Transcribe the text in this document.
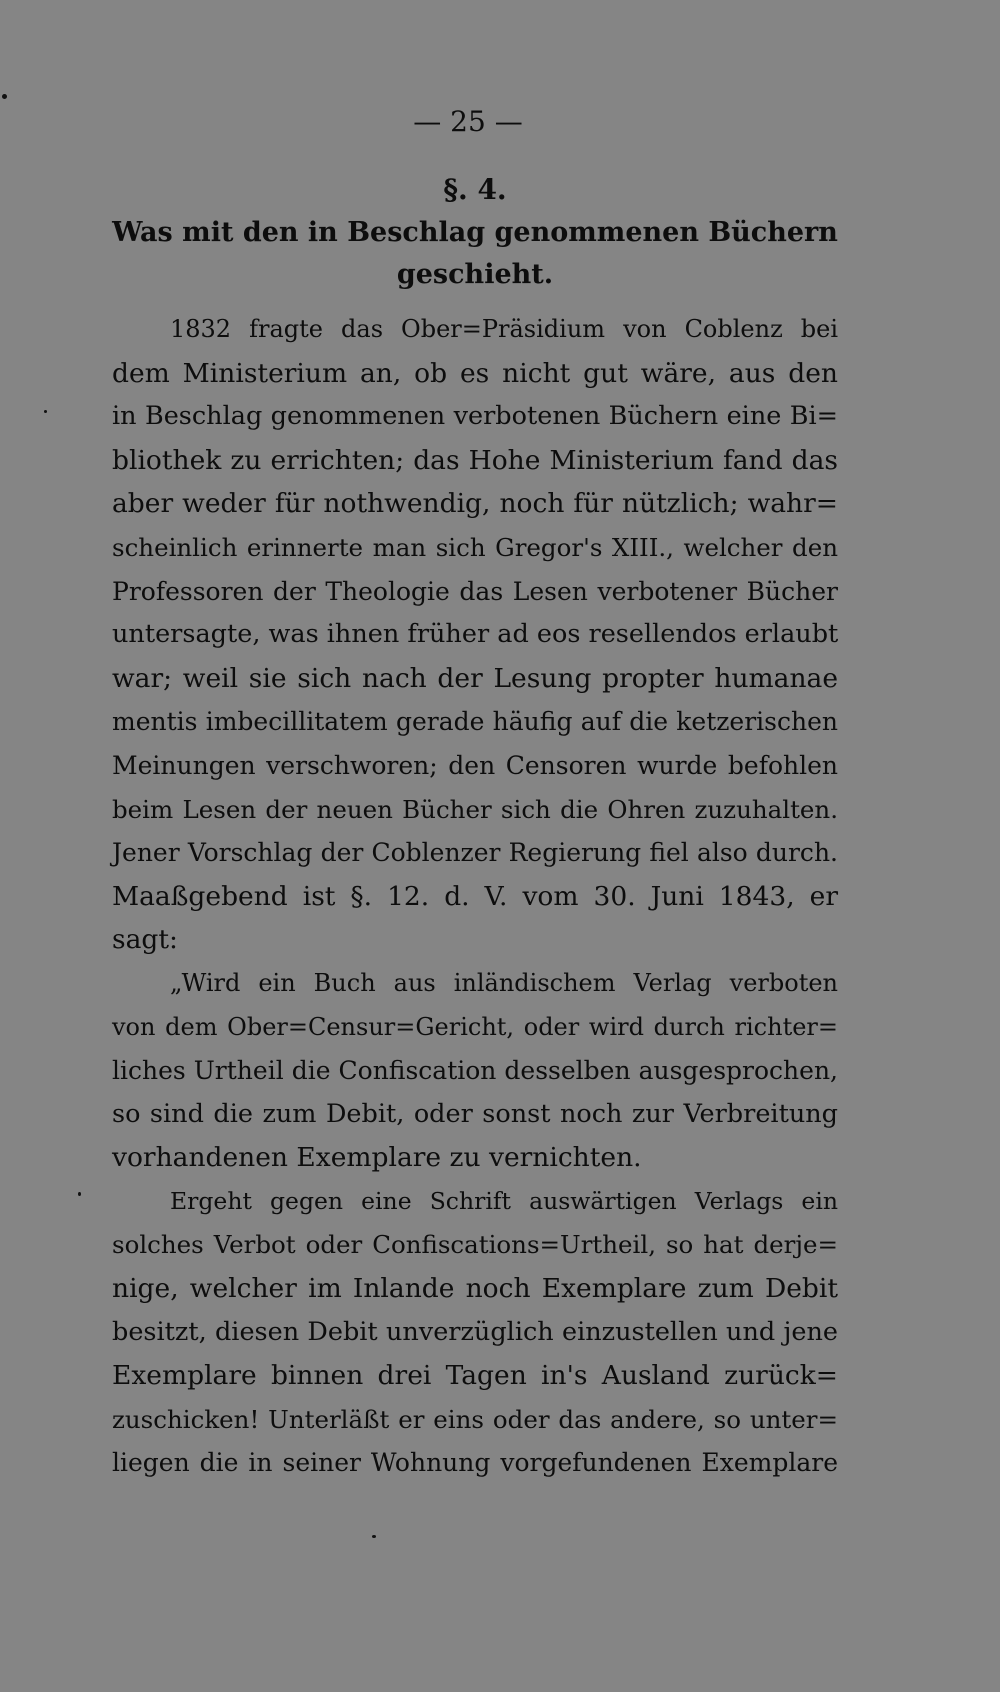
— 25 —
§. 4.
Was mit den in Beschlag genommenen Büchern
geschieht.
1832 fragte das Ober=Präsidium von Coblenz bei
dem Ministerium an, ob es nicht gut wäre, aus den
in Beschlag genommenen verbotenen Büchern eine Bi=
bliothek zu errichten; das Hohe Ministerium fand das
aber weder für nothwendig, noch für nützlich; wahr=
scheinlich erinnerte man sich Gregor's XIII., welcher den
Professoren der Theologie das Lesen verbotener Bücher
untersagte, was ihnen früher ad eos resellendos erlaubt
war; weil sie sich nach der Lesung propter humanae
mentis imbecillitatem gerade häufig auf die ketzerischen
Meinungen verschworen; den Censoren wurde befohlen
beim Lesen der neuen Bücher sich die Ohren zuzuhalten.
Jener Vorschlag der Coblenzer Regierung fiel also durch.
Maaßgebend ist §. 12. d. V. vom 30. Juni 1843, er
sagt:
„Wird ein Buch aus inländischem Verlag verboten
von dem Ober=Censur=Gericht, oder wird durch richter=
liches Urtheil die Confiscation desselben ausgesprochen,
so sind die zum Debit, oder sonst noch zur Verbreitung
vorhandenen Exemplare zu vernichten.
Ergeht gegen eine Schrift auswärtigen Verlags ein
solches Verbot oder Confiscations=Urtheil, so hat derje=
nige, welcher im Inlande noch Exemplare zum Debit
besitzt, diesen Debit unverzüglich einzustellen und jene
Exemplare binnen drei Tagen in's Ausland zurück=
zuschicken! Unterläßt er eins oder das andere, so unter=
liegen die in seiner Wohnung vorgefundenen Exemplare
